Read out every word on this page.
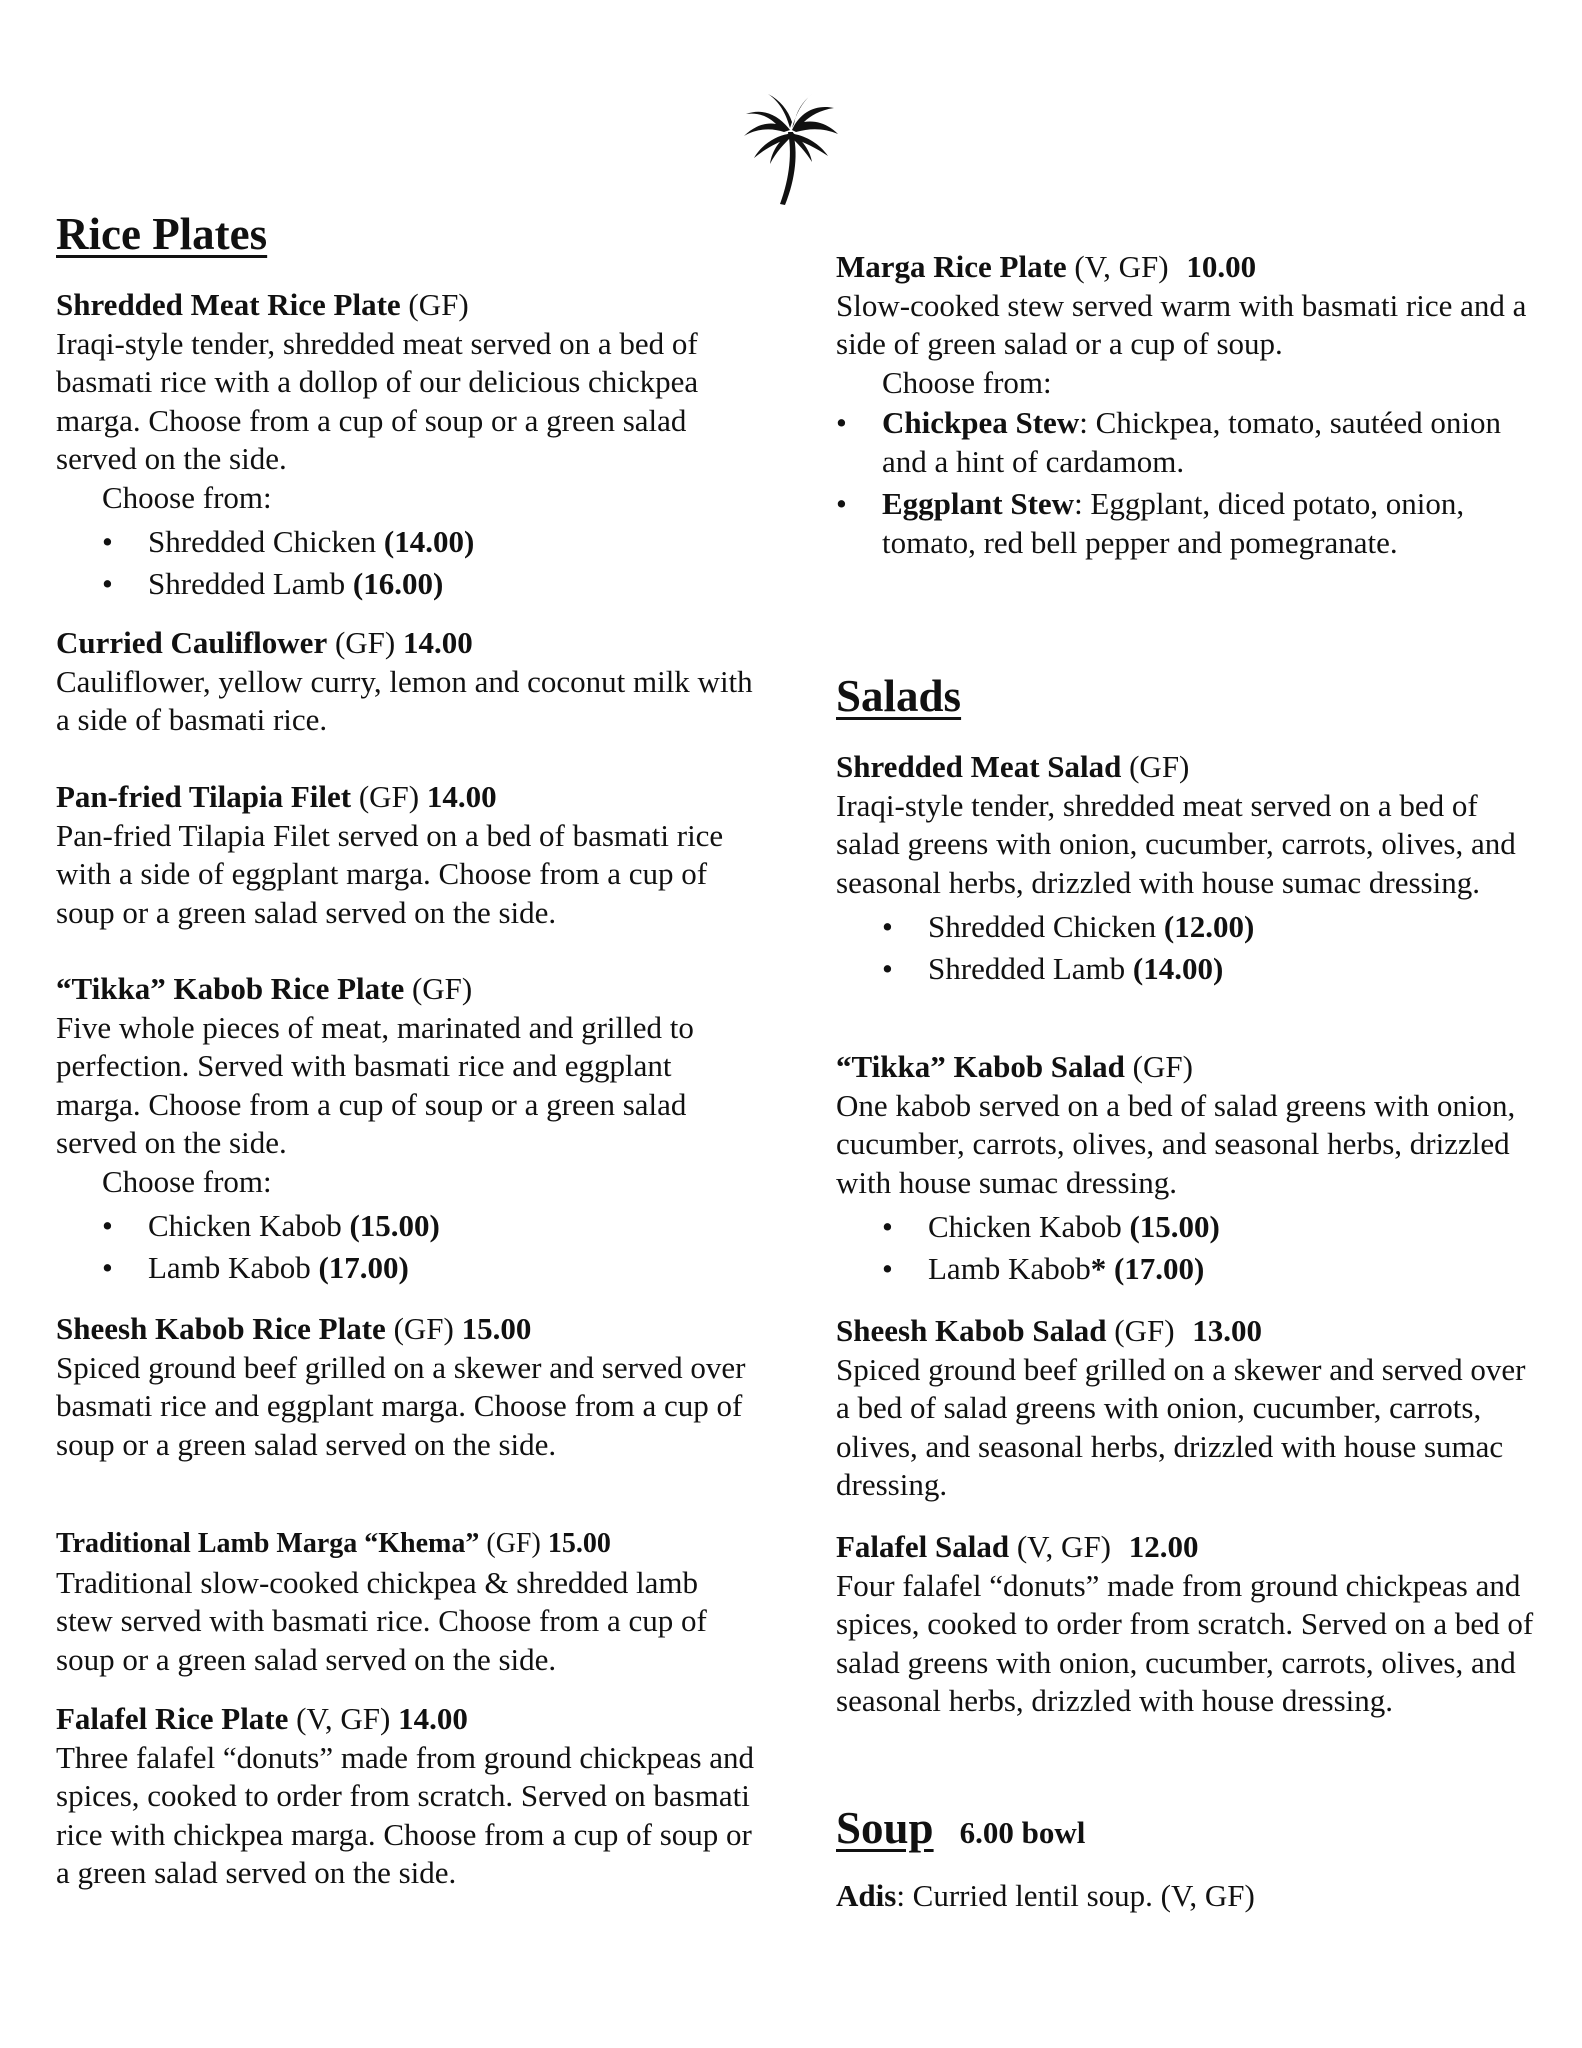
Rice Plates
Shredded Meat Rice Plate (GF)

Iraqi-style tender, shredded meat served on a bed of basmati rice with a dollop of our delicious chickpea marga. Choose from a cup of soup or a green salad served on the side.

Choose from:

• Shredded Chicken (14.00)
• Shredded Lamb (16.00)
Curried Cauliflower (GF) 14.00

Cauliflower, yellow curry, lemon and coconut milk with a side of basmati rice.

Pan-fried Tilapia Filet (GF) 14.00

Pan-fried Tilapia Filet served on a bed of basmati rice with a side of eggplant marga. Choose from a cup of soup or a green salad served on the side.

“Tikka” Kabob Rice Plate (GF)

Five whole pieces of meat, marinated and grilled to perfection. Served with basmati rice and eggplant marga. Choose from a cup of soup or a green salad served on the side.

Choose from:

• Chicken Kabob (15.00)
• Lamb Kabob (17.00)
Sheesh Kabob Rice Plate (GF) 15.00

Spiced ground beef grilled on a skewer and served over basmati rice and eggplant marga. Choose from a cup of soup or a green salad served on the side.

Traditional Lamb Marga “Khema” (GF) 15.00

Traditional slow-cooked chickpea & shredded lamb stew served with basmati rice. Choose from a cup of soup or a green salad served on the side.

Falafel Rice Plate (V, GF) 14.00

Three falafel “donuts” made from ground chickpeas and spices, cooked to order from scratch. Served on basmati rice with chickpea marga. Choose from a cup of soup or a green salad served on the side.

Marga Rice Plate (V, GF) 10.00

Slow-cooked stew served warm with basmati rice and a side of green salad or a cup of soup.

Choose from:

• Chickpea Stew: Chickpea, tomato, sautéed onion and a hint of cardamom.
• Eggplant Stew: Eggplant, diced potato, onion, tomato, red bell pepper and pomegranate.
Salads
Shredded Meat Salad (GF)

Iraqi-style tender, shredded meat served on a bed of salad greens with onion, cucumber, carrots, olives, and seasonal herbs, drizzled with house sumac dressing.

• Shredded Chicken (12.00)
• Shredded Lamb (14.00)
“Tikka” Kabob Salad (GF)

One kabob served on a bed of salad greens with onion, cucumber, carrots, olives, and seasonal herbs, drizzled with house sumac dressing.

• Chicken Kabob (15.00)
• Lamb Kabob* (17.00)
Sheesh Kabob Salad (GF) 13.00

Spiced ground beef grilled on a skewer and served over a bed of salad greens with onion, cucumber, carrots, olives, and seasonal herbs, drizzled with house sumac dressing.

Falafel Salad (V, GF) 12.00

Four falafel “donuts” made from ground chickpeas and spices, cooked to order from scratch. Served on a bed of salad greens with onion, cucumber, carrots, olives, and seasonal herbs, drizzled with house dressing.

Soup 6.00 bowl
Adis: Curried lentil soup. (V, GF)
